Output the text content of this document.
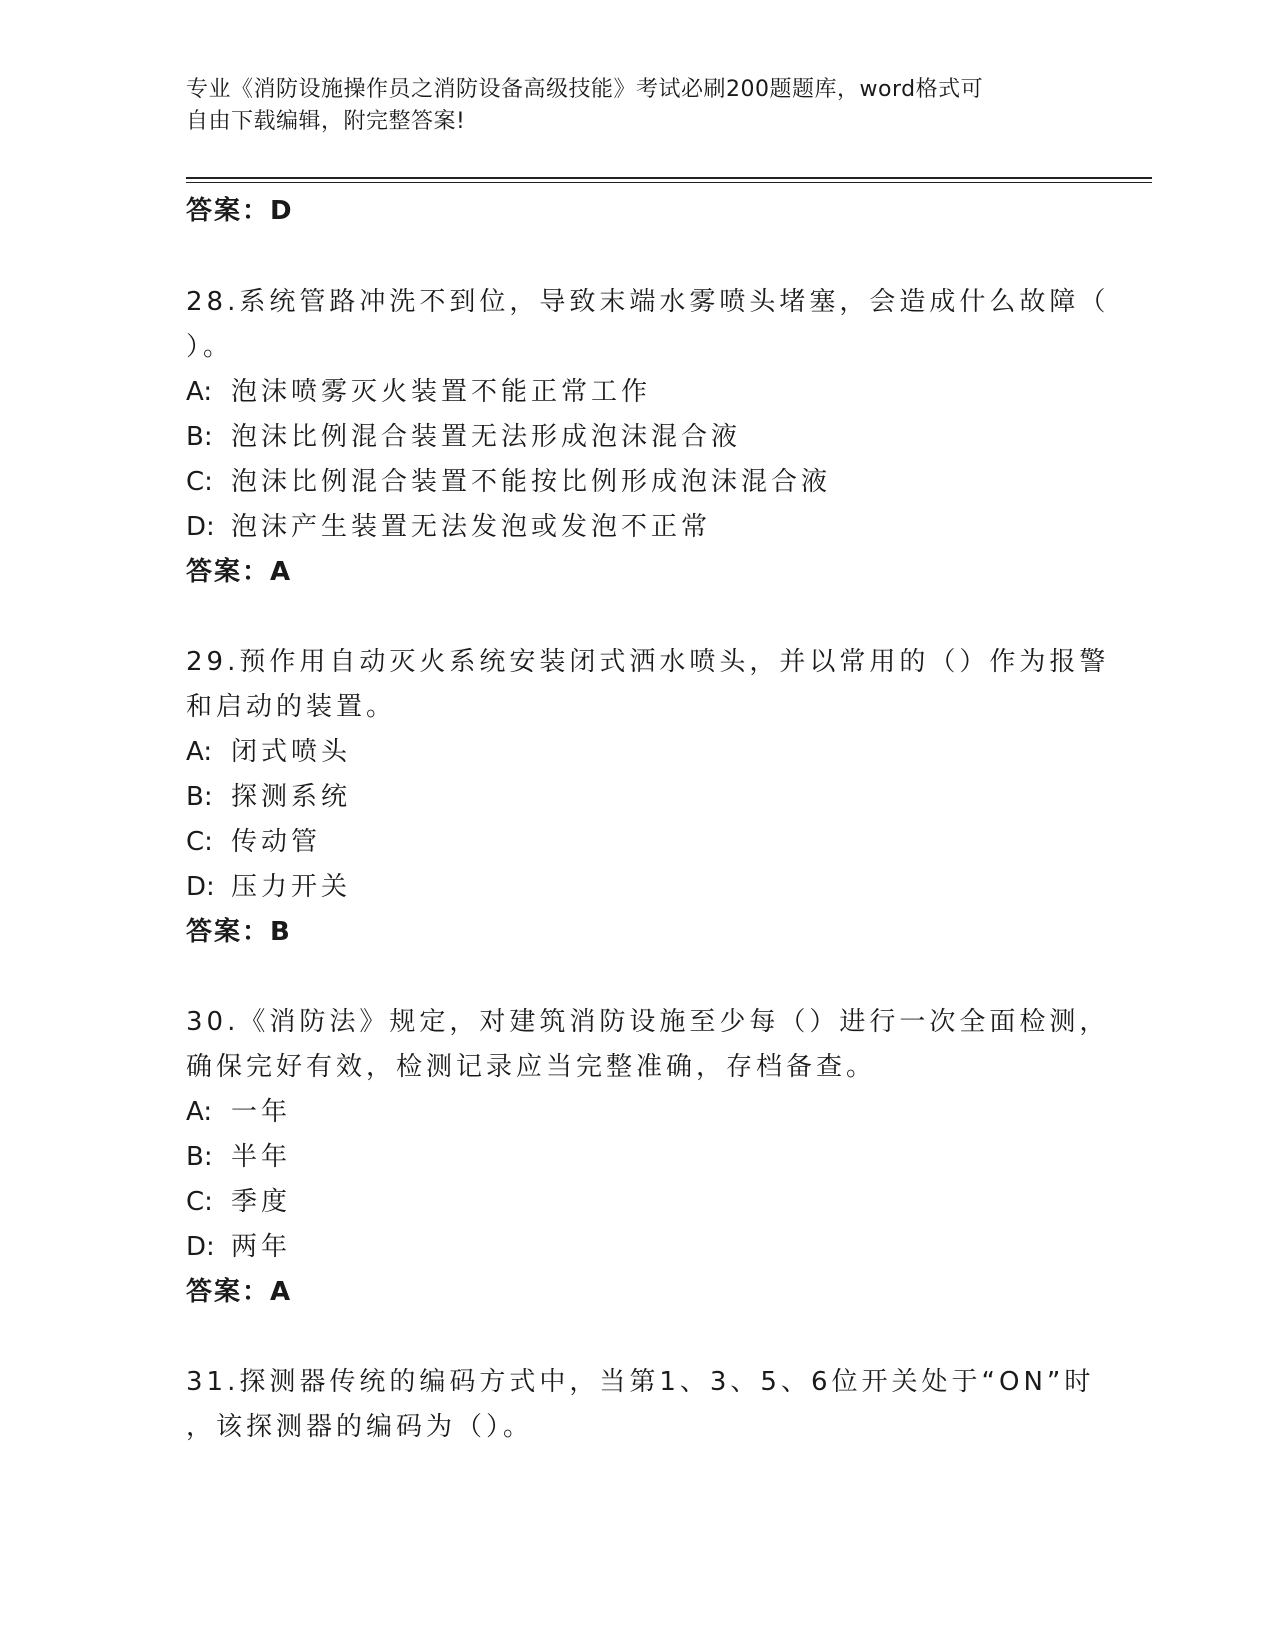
专业《消防设施操作员之消防设备高级技能》考试必刷200题题库，word格式可
自由下载编辑，附完整答案!
答案：D
28.系统管路冲洗不到位，导致末端水雾喷头堵塞，会造成什么故障（
）。
A: 泡沫喷雾灭火装置不能正常工作
B: 泡沫比例混合装置无法形成泡沫混合液
C: 泡沫比例混合装置不能按比例形成泡沫混合液
D: 泡沫产生装置无法发泡或发泡不正常
答案：A
29.预作用自动灭火系统安装闭式洒水喷头，并以常用的（）作为报警
和启动的装置。
A: 闭式喷头
B: 探测系统
C: 传动管
D: 压力开关
答案：B
30.《消防法》规定，对建筑消防设施至少每（）进行一次全面检测，
确保完好有效，检测记录应当完整准确，存档备查。
A: 一年
B: 半年
C: 季度
D: 两年
答案：A
31.探测器传统的编码方式中，当第1、3、5、6位开关处于“ON”时
，该探测器的编码为（）。
